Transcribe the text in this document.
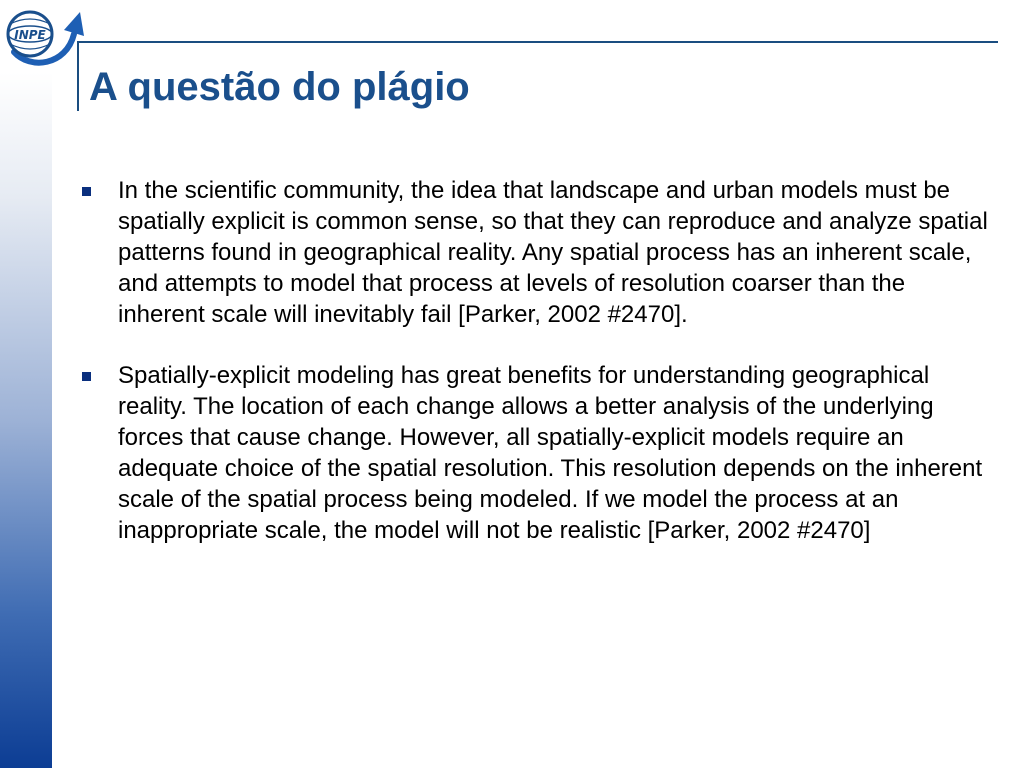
INPE
A questão do plágio
In the scientific community, the idea that landscape and urban models must be spatially explicit is common sense, so that they can reproduce and analyze spatial patterns found in geographical reality. Any spatial process has an inherent scale, and attempts to model that process at levels of resolution coarser than the inherent scale will inevitably fail [Parker, 2002 #2470].
Spatially-explicit modeling has great benefits for understanding geographical reality. The location of each change allows a better analysis of the underlying forces that cause change. However, all spatially-explicit models require an adequate choice of the spatial resolution. This resolution depends on the inherent scale of the spatial process being modeled. If we model the process at an inappropriate scale, the model will not be realistic [Parker, 2002 #2470]
